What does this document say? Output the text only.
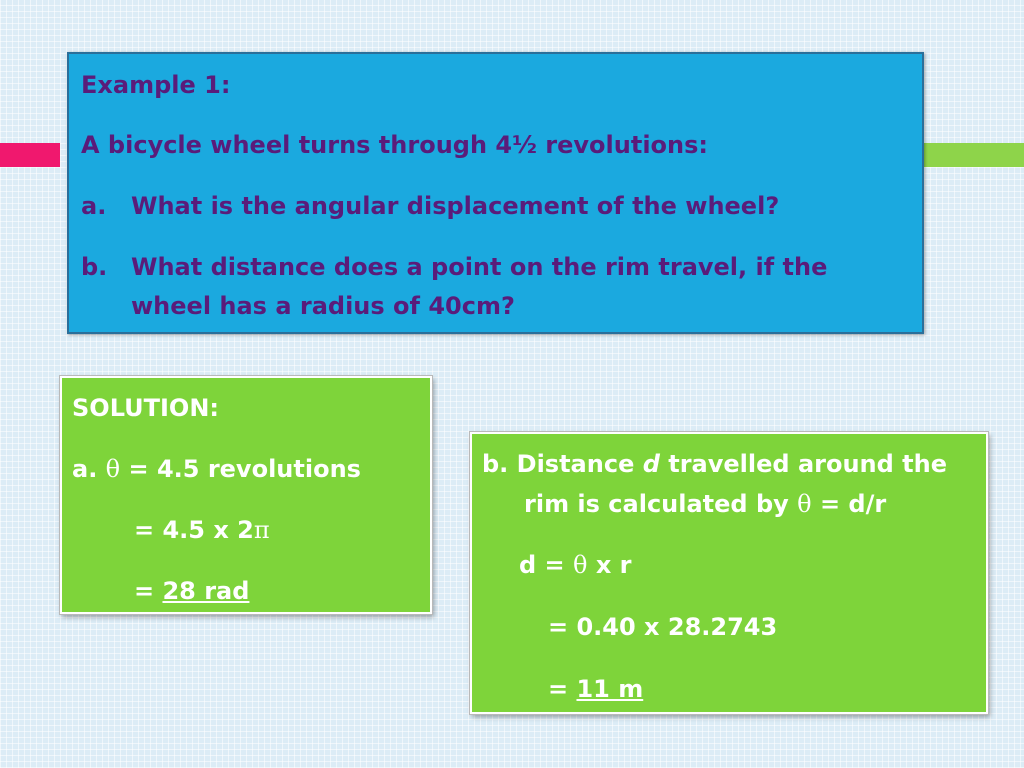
Example 1:

A bicycle wheel turns through 4½ revolutions:

a.	What is the angular displacement of the wheel?
b. What distance does a point on the rim travel, if the wheel has a radius of 40cm?
SOLUTION:
a. θ = 4.5 revolutions
= 4.5 x 2π
= 28 rad
b. Distance d travelled around the
rim is calculated by θ = d/r
d = θ x r
= 0.40 x 28.2743
= 11 m
